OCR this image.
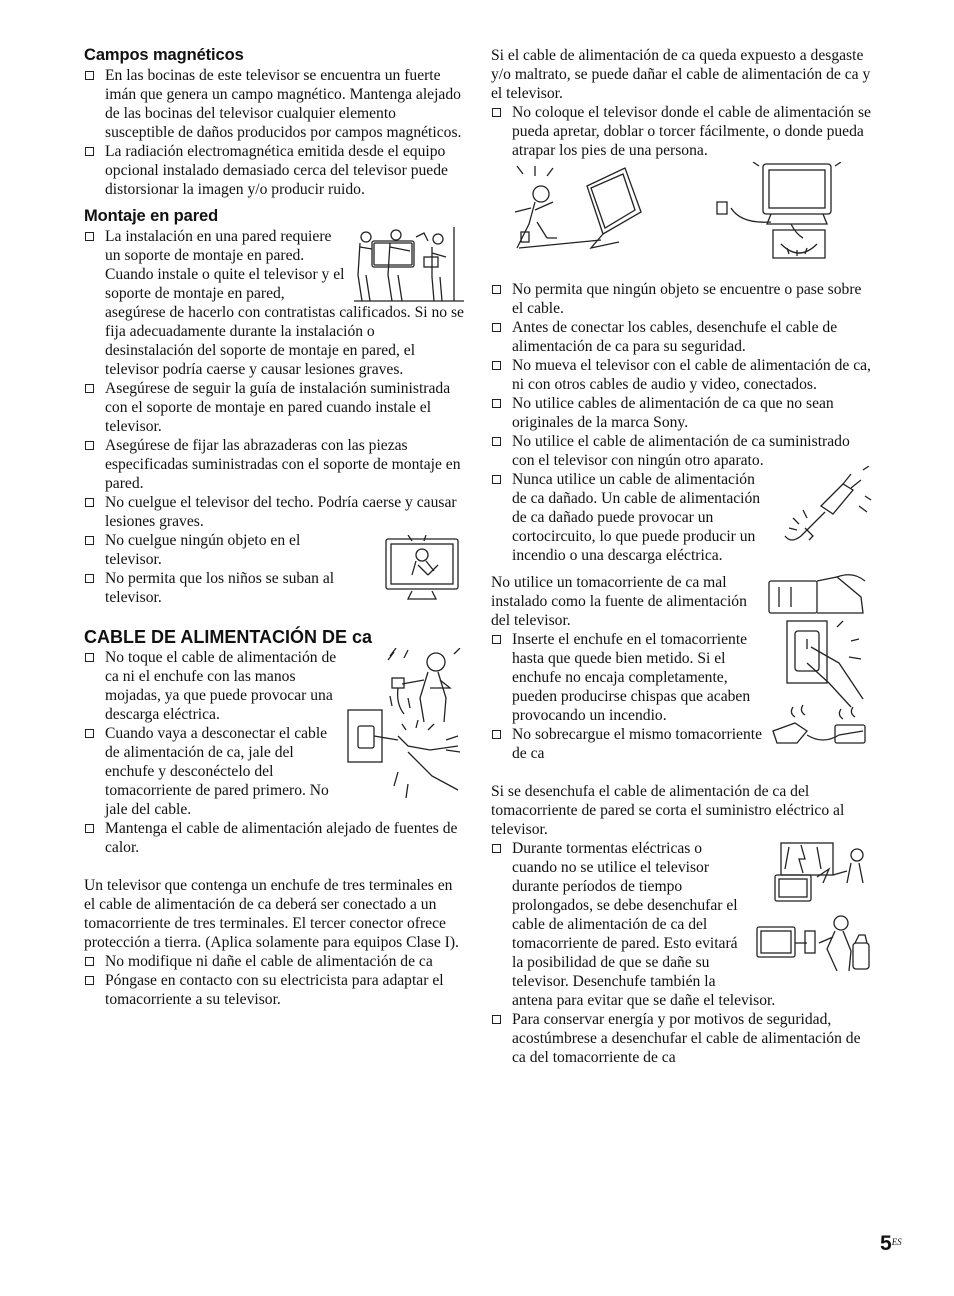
Campos magnéticos
En las bocinas de este televisor se encuentra un fuerte imán que genera un campo magnético. Mantenga alejado de las bocinas del televisor cualquier elemento susceptible de daños producidos por campos magnéticos.
La radiación electromagnética emitida desde el equipo opcional instalado demasiado cerca del televisor puede distorsionar la imagen y/o producir ruido.
Montaje en pared
La instalación en una pared requiere un soporte de montaje en pared. Cuando instale o quite el televisor y el soporte de montaje en pared, asegúrese de hacerlo con contratistas calificados. Si no se fija adecuadamente durante la instalación o desinstalación del soporte de montaje en pared, el televisor podría caerse y causar lesiones graves.
Asegúrese de seguir la guía de instalación suministrada con el soporte de montaje en pared cuando instale el televisor.
Asegúrese de fijar las abrazaderas con las piezas especificadas suministradas con el soporte de montaje en pared.
No cuelgue el televisor del techo. Podría caerse y causar lesiones graves.
No cuelgue ningún objeto en el televisor.
No permita que los niños se suban al televisor.
CABLE DE ALIMENTACIÓN DE ca
No toque el cable de alimentación de ca ni el enchufe con las manos mojadas, ya que puede provocar una descarga eléctrica.
Cuando vaya a desconectar el cable de alimentación de ca, jale del enchufe y desconéctelo del tomacorriente de pared primero. No jale del cable.
Mantenga el cable de alimentación alejado de fuentes de calor.

Un televisor que contenga un enchufe de tres terminales en el cable de alimentación de ca deberá ser conectado a un tomacorriente de tres terminales. El tercer conector ofrece protección a tierra. (Aplica solamente para equipos Clase I).

No modifique ni dañe el cable de alimentación de ca
Póngase en contacto con su electricista para adaptar el tomacorriente a su televisor.

Si el cable de alimentación de ca queda expuesto a desgaste y/o maltrato, se puede dañar el cable de alimentación de ca y el televisor.

No coloque el televisor donde el cable de alimentación se pueda apretar, doblar o torcer fácilmente, o donde pueda atrapar los pies de una persona.
No permita que ningún objeto se encuentre o pase sobre el cable.
Antes de conectar los cables, desenchufe el cable de alimentación de ca para su seguridad.
No mueva el televisor con el cable de alimentación de ca, ni con otros cables de audio y video, conectados.
No utilice cables de alimentación de ca que no sean originales de la marca Sony.
No utilice el cable de alimentación de ca suministrado con el televisor con ningún otro aparato.
Nunca utilice un cable de alimentación de ca dañado. Un cable de alimentación de ca dañado puede provocar un cortocircuito, lo que puede producir un incendio o una descarga eléctrica.

No utilice un tomacorriente de ca mal instalado como la fuente de alimentación del televisor.

Inserte el enchufe en el tomacorriente hasta que quede bien metido. Si el enchufe no encaja completamente, pueden producirse chispas que acaben provocando un incendio.
No sobrecargue el mismo tomacorriente de ca

Si se desenchufa el cable de alimentación de ca del tomacorriente de pared se corta el suministro eléctrico al televisor.

Durante tormentas eléctricas o cuando no se utilice el televisor durante períodos de tiempo prolongados, se debe desenchufar el cable de alimentación de ca del tomacorriente de pared. Esto evitará la posibilidad de que se dañe su televisor. Desenchufe también la antena para evitar que se dañe el televisor.
Para conservar energía y por motivos de seguridad, acostúmbrese a desenchufar el cable de alimentación de ca del tomacorriente de ca
$5^{ES}$
